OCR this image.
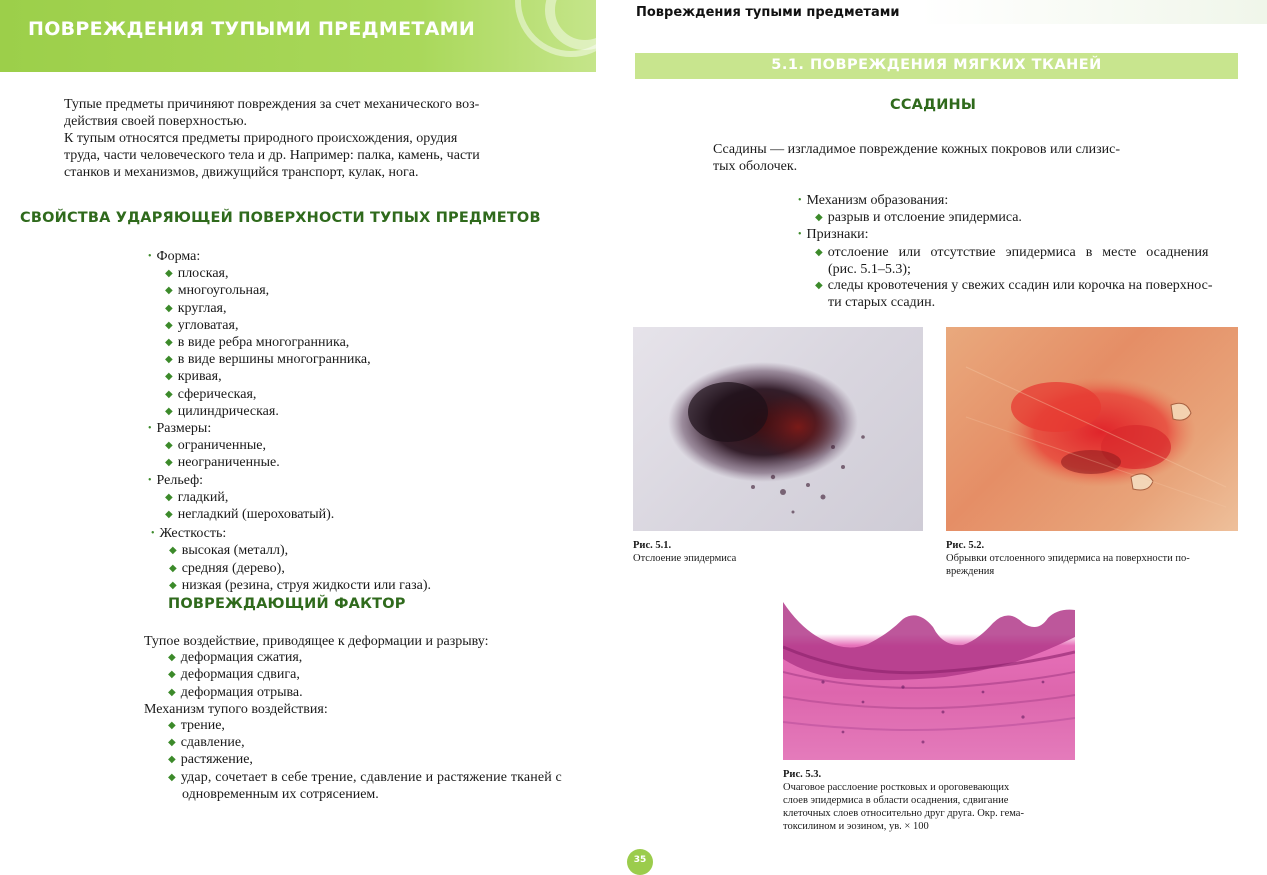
ПОВРЕЖДЕНИЯ ТУПЫМИ ПРЕДМЕТАМИ
Тупые предметы причиняют повреждения за счет механического воз-
действия своей поверхностью.
К тупым относятся предметы природного происхождения, орудия
труда, части человеческого тела и др. Например: палка, камень, части
станков и механизмов, движущийся транспорт, кулак, нога.
СВОЙСТВА УДАРЯЮЩЕЙ ПОВЕРХНОСТИ ТУПЫХ ПРЕДМЕТОВ
• Форма:
◆ плоская,
◆ многоугольная,
◆ круглая,
◆ угловатая,
◆ в виде ребра многогранника,
◆ в виде вершины многогранника,
◆ кривая,
◆ сферическая,
◆ цилиндрическая.
• Размеры:
◆ ограниченные,
◆ неограниченные.
• Рельеф:
◆ гладкий,
◆ негладкий (шероховатый).
• Жесткость:
◆ высокая (металл),
◆ средняя (дерево),
◆ низкая (резина, струя жидкости или газа).
ПОВРЕЖДАЮЩИЙ ФАКТОР
Тупое воздействие, приводящее к деформации и разрыву:
◆ деформация сжатия,
◆ деформация сдвига,
◆ деформация отрыва.
Механизм тупого воздействия:
◆ трение,
◆ сдавление,
◆ растяжение,
◆ удар, сочетает в себе трение, сдавление и растяжение тканей с
одновременным их сотрясением.
Повреждения тупыми предметами
5.1. ПОВРЕЖДЕНИЯ МЯГКИХ ТКАНЕЙ
ССАДИНЫ
Ссадины — изгладимое повреждение кожных покровов или слизис-
тых оболочек.
• Механизм образования:
◆ разрыв и отслоение эпидермиса.
• Признаки:
◆ отслоение или отсутствие эпидермиса в месте осаднения
(рис. 5.1–5.3);
◆ следы кровотечения у свежих ссадин или корочка на поверхнос-
ти старых ссадин.
Рис. 5.1.
Отслоение эпидермиса
Рис. 5.2.
Обрывки отслоенного эпидермиса на поверхности по-
вреждения
Рис. 5.3.
Очаговое расслоение ростковых и ороговевающих
слоев эпидермиса в области осаднения, сдвигание
клеточных слоев относительно друг друга. Окр. гема-
токсилином и эозином, ув. × 100
35
